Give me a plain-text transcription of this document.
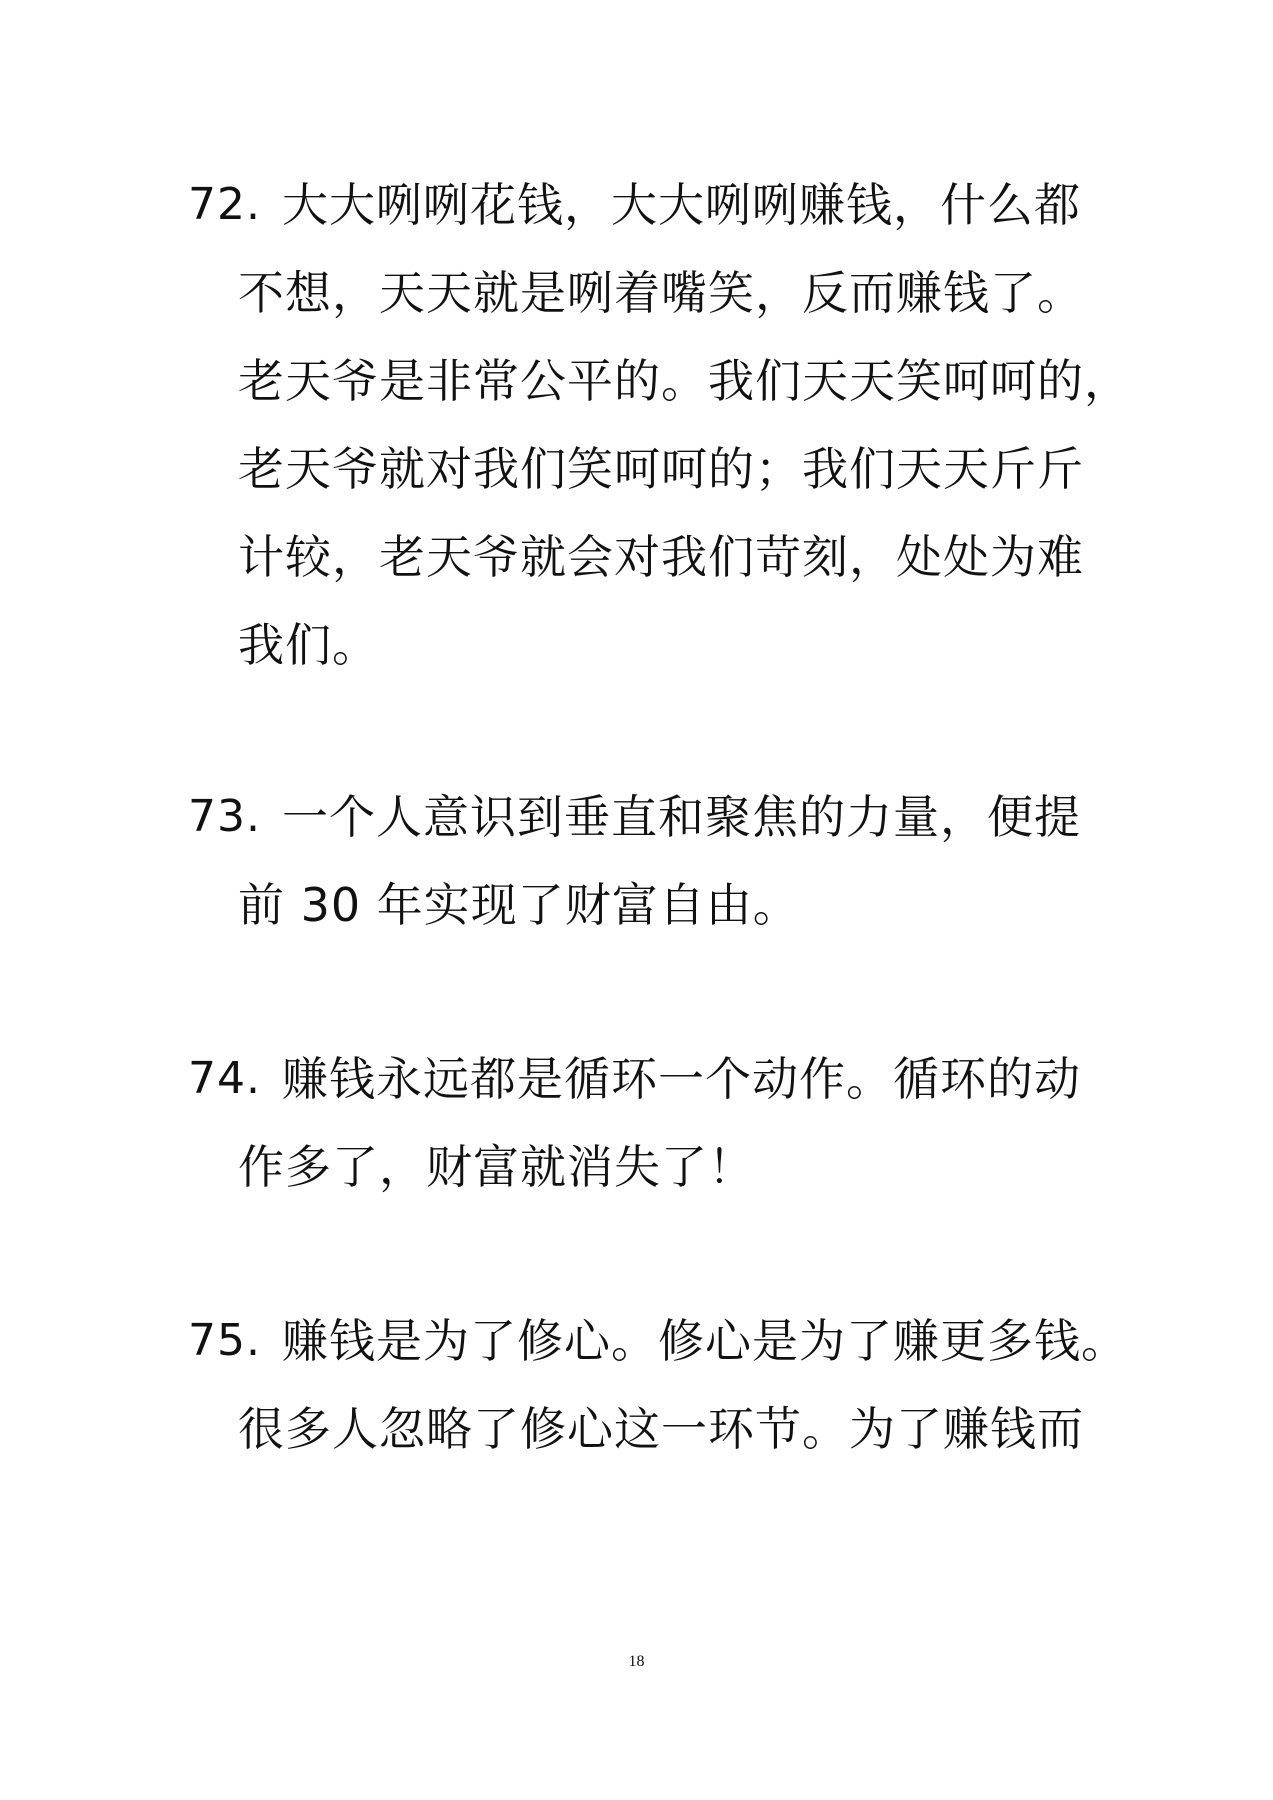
72. 大大咧咧花钱，大大咧咧赚钱，什么都
不想，天天就是咧着嘴笑，反而赚钱了。
老天爷是非常公平的。我们天天笑呵呵的，
老天爷就对我们笑呵呵的；我们天天斤斤
计较，老天爷就会对我们苛刻，处处为难
我们。
73. 一个人意识到垂直和聚焦的力量，便提
前 30 年实现了财富自由。
74. 赚钱永远都是循环一个动作。循环的动
作多了，财富就消失了！
75. 赚钱是为了修心。修心是为了赚更多钱。
很多人忽略了修心这一环节。为了赚钱而
18
